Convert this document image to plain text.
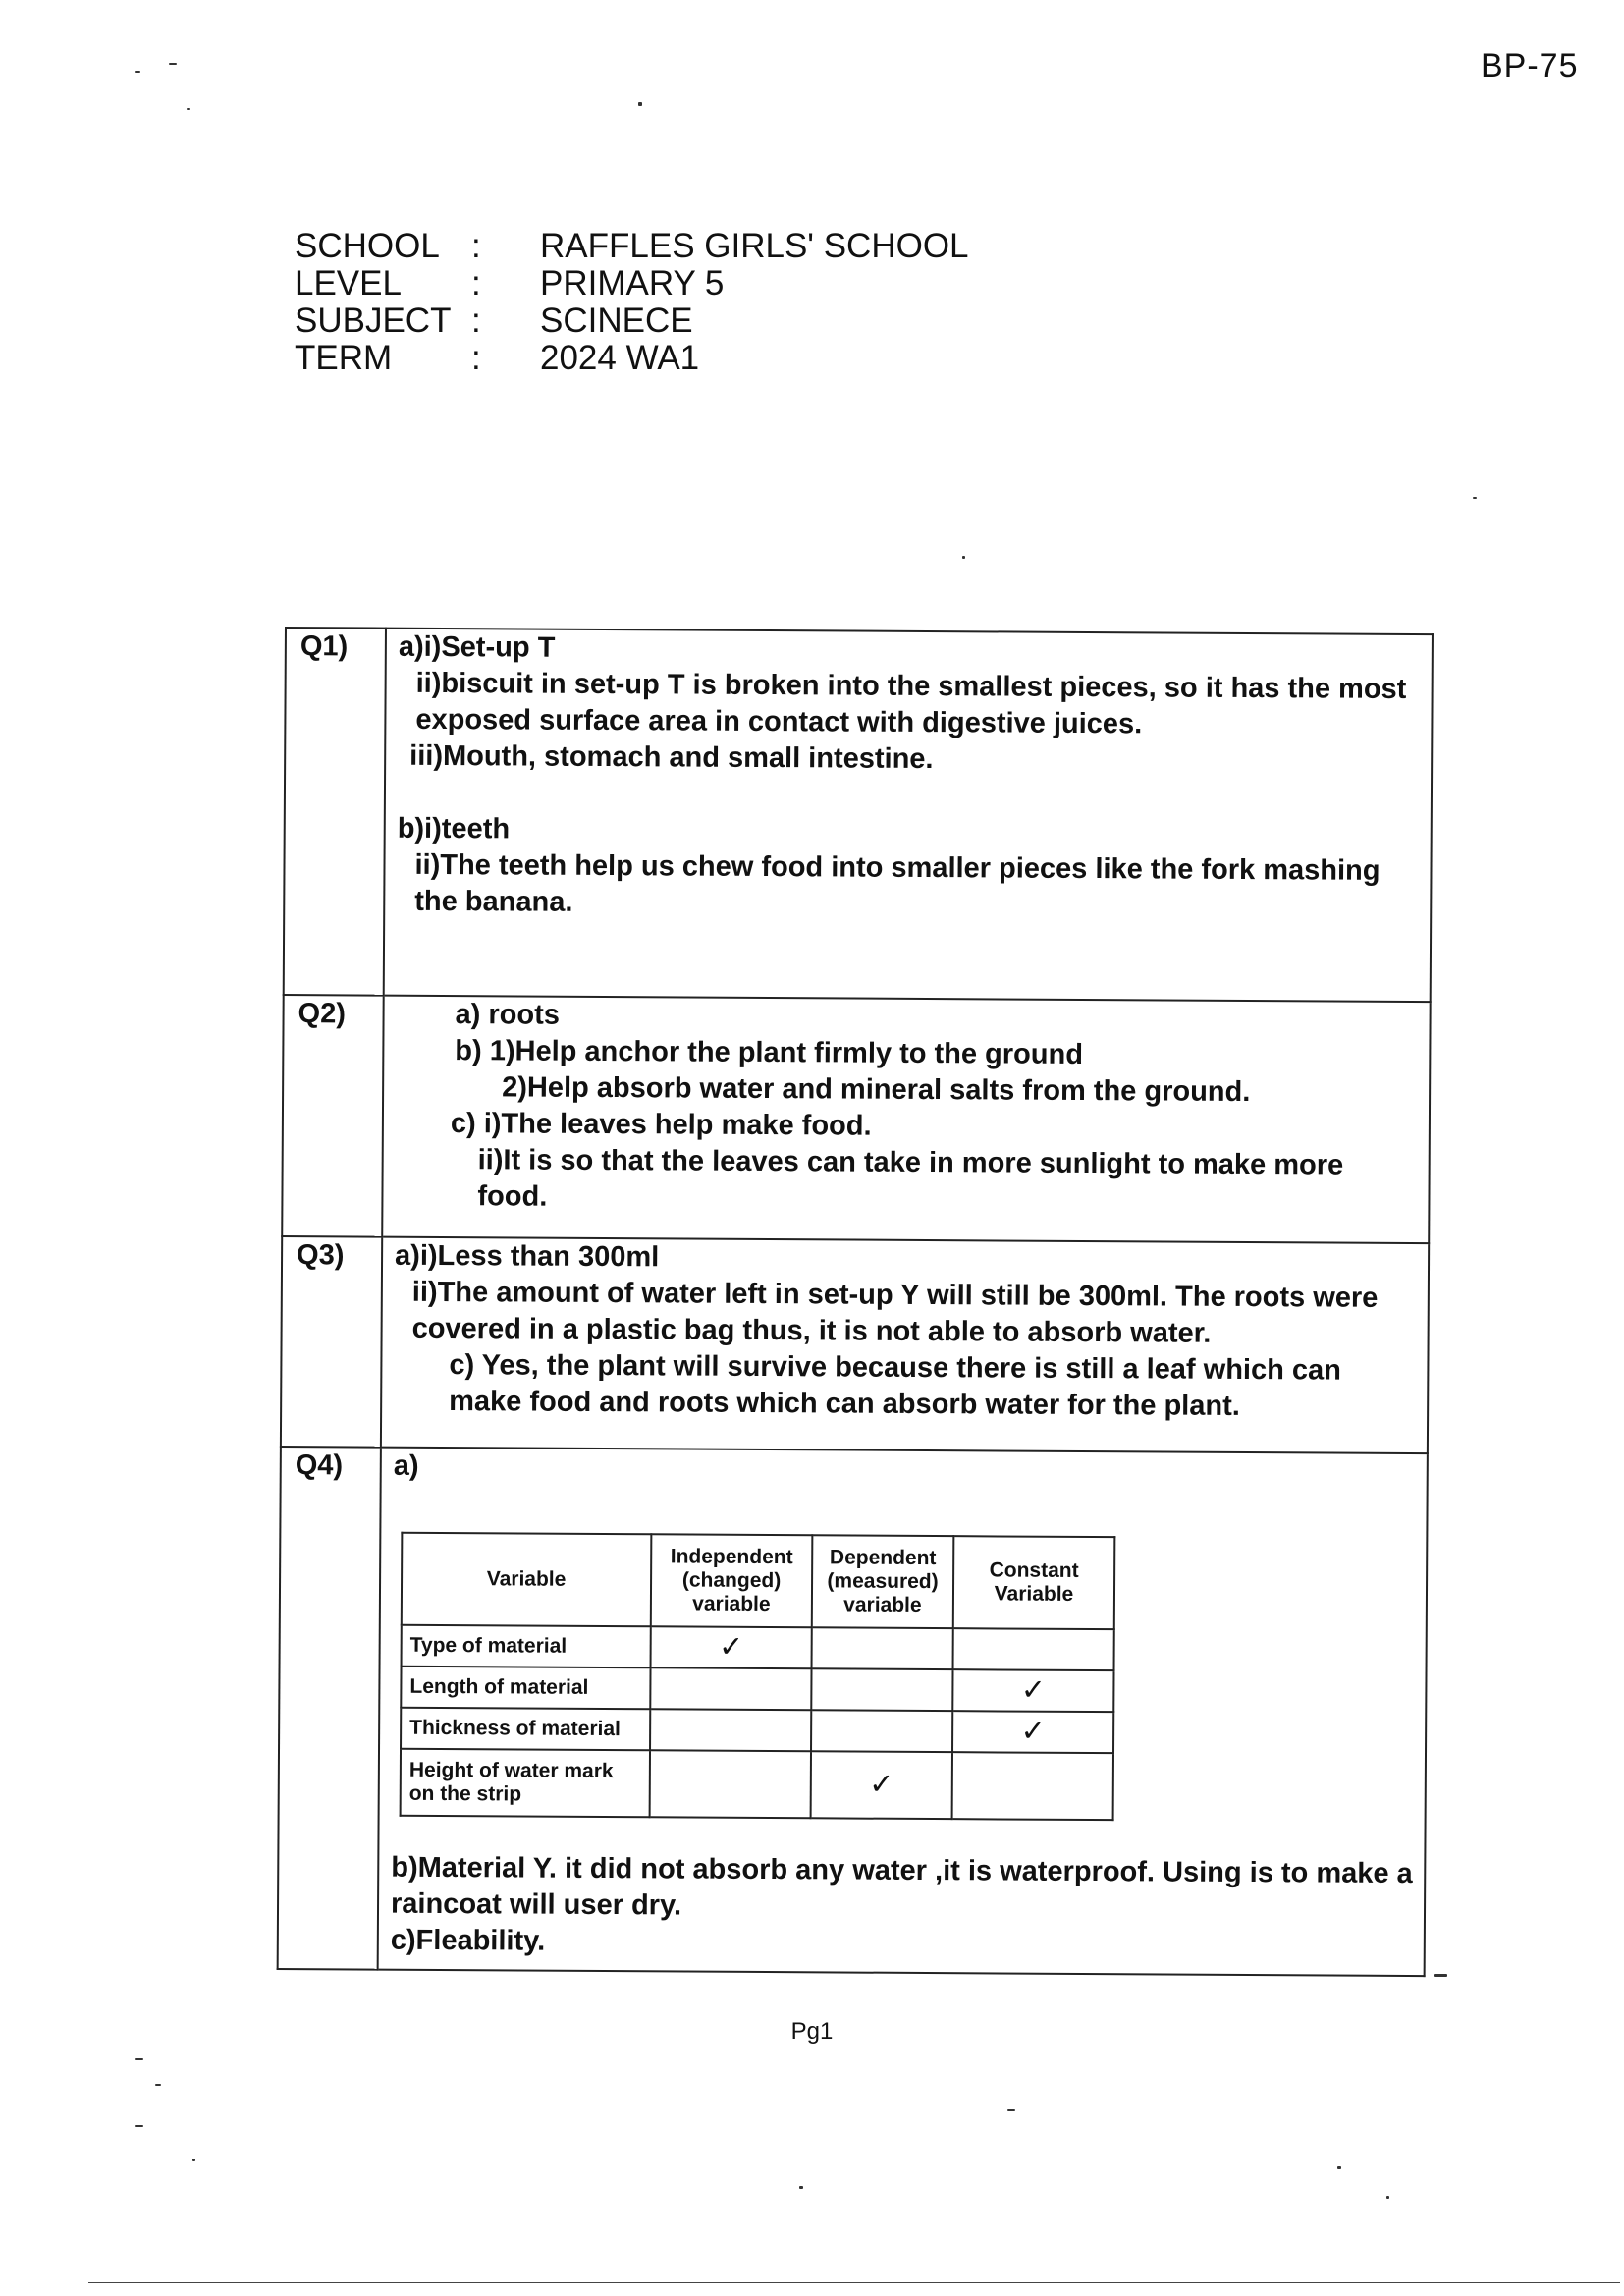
BP-75
SCHOOL :	RAFFLES GIRLS' SCHOOL
LEVEL	:	PRIMARY 5
SUBJECT :	SCINECE
TERM	:	2024 WA1
Q1)	a)i)Set-up T

ii)biscuit in set-up T is broken into the smallest pieces, so it has the most exposed surface area in contact with digestive juices.

iii)Mouth, stomach and small intestine.

b)i)teeth

ii)The teeth help us chew food into smaller pieces like the fork mashing the banana.

Q2)	a) roots

b) 1)Help anchor the plant firmly to the ground

2)Help absorb water and mineral salts from the ground.

c) i)The leaves help make food.

ii)It is so that the leaves can take in more sunlight to make more food.

Q3)	a)i)Less than 300ml

ii)The amount of water left in set-up Y will still be 300ml. The roots were covered in a plastic bag thus, it is not able to absorb water.

c) Yes, the plant will survive because there is still a leaf which can make food and roots which can absorb water for the plant.

Q4)	a)

Variable	Independent (changed) variable	Dependent (measured) variable	Constant Variable
Type of material	✓		
Length of material			✓
Thickness of material			✓
Height of water mark on the strip		✓	

b)Material Y. it did not absorb any water ,it is waterproof. Using is to make a raincoat will user dry.

c)Fleability.

Pg1
